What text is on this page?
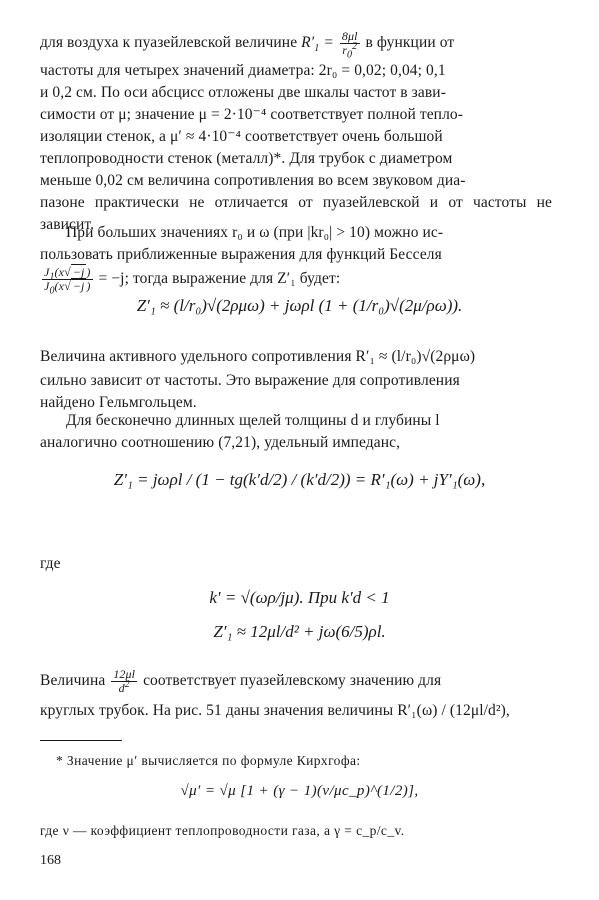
для воздуха к пуазейлевской величине $R'_1 = \frac{8\mu l}{r_0^2}$ в функции от

частоты для четырех значений диаметра: 2r₀ = 0,02; 0,04; 0,1

и 0,2 см. По оси абсцисс отложены две шкалы частот в зави-

симости от μ; значение μ = 2·10⁻⁴ соответствует полной тепло-

изоляции стенок, а μ′ ≈ 4·10⁻⁴ соответствует очень большой

теплопроводности стенок (металл)*. Для трубок с диаметром

меньше 0,02 см величина сопротивления во всем звуковом диа-

пазоне практически не отличается от пуазейлевской и от частоты не зависит.

При больших значениях r₀ и ω (при |kr₀| > 10) можно ис-

пользовать приближенные выражения для функций Бесселя

$\frac{J_1(x√ -j )}{J_0(x√ -j )} = -j$; тогда выражение для Z′₁ будет:

Z′₁ ≈ (l/r₀)√(2ρμω) + jωρl (1 + (1/r₀)√(2μ/ρω)).

Величина активного удельного сопротивления R′₁ ≈ (l/r₀)√(2ρμω)

сильно зависит от частоты. Это выражение для сопротивления

найдено Гельмгольцем.

Для бесконечно длинных щелей толщины d и глубины l

аналогично соотношению (7,21), удельный импеданс,

Z′₁ = jωρl / (1 − tg(k′d/2) / (k′d/2)) = R′₁(ω) + jY′₁(ω),

где

k′ = √(ωρ/jμ). При k′d < 1
Z′₁ ≈ 12μl/d² + jω(6/5)ρl.

Величина $\frac{12\mu l}{d^2}$ соответствует пуазейлевскому значению для

круглых трубок. На рис. 51 даны значения величины R′₁(ω) / (12μl/d²),

* Значение μ′ вычисляется по формуле Кирхгофа:
√μ′ = √μ [1 + (γ − 1)(ν/μc_p)^(1/2)],
где ν — коэффициент теплопроводности газа, а γ = c_p/c_v.
168
